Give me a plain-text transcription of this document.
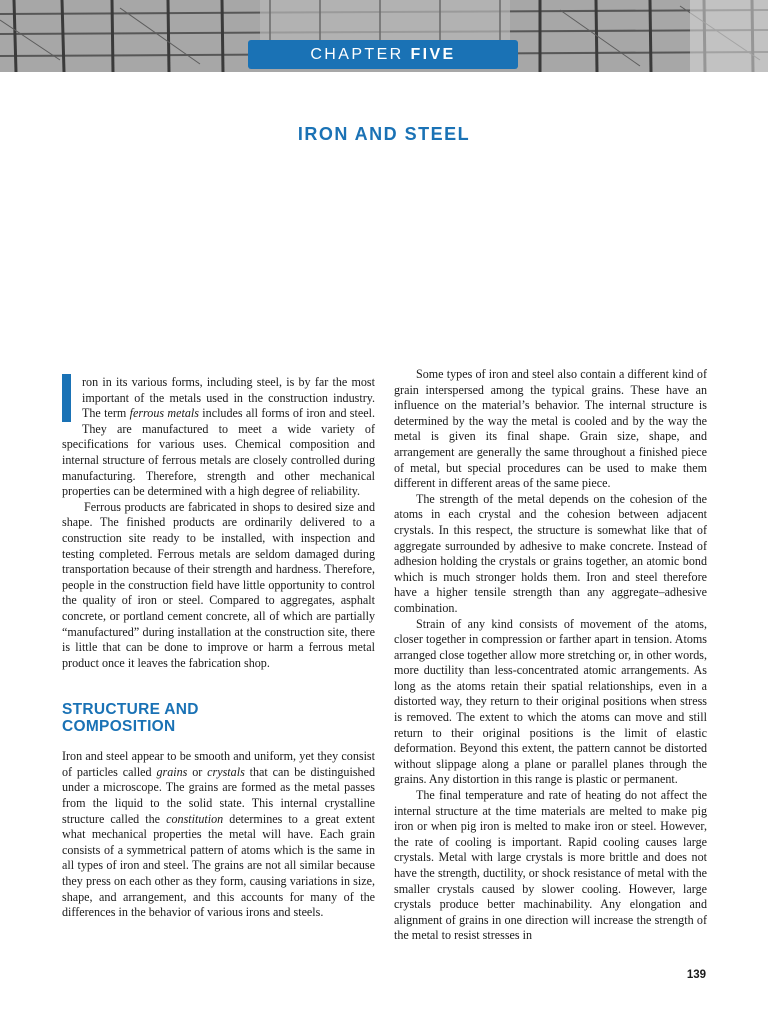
CHAPTER FIVE
IRON AND STEEL

ron in its various forms, including steel, is by far the most important of the metals used in the construction industry. The term ferrous metals includes all forms of iron and steel. They are manufactured to meet a wide variety of specifications for various uses. Chemical composition and internal structure of ferrous metals are closely controlled during manufacturing. Therefore, strength and other mechanical properties can be determined with a high degree of reliability.

Ferrous products are fabricated in shops to desired size and shape. The finished products are ordinarily delivered to a construction site ready to be installed, with inspection and testing completed. Ferrous metals are seldom damaged during transportation because of their strength and hardness. Therefore, people in the construction field have little opportunity to control the quality of iron or steel. Compared to aggregates, asphalt concrete, or portland cement concrete, all of which are partially “manufactured” during installation at the construction site, there is little that can be done to improve or harm a ferrous metal product once it leaves the fabrication shop.

STRUCTURE AND
COMPOSITION

Iron and steel appear to be smooth and uniform, yet they consist of particles called grains or crystals that can be distinguished under a microscope. The grains are formed as the metal passes from the liquid to the solid state. This internal crystalline structure called the constitution determines to a great extent what mechanical properties the metal will have. Each grain consists of a symmetrical pattern of atoms which is the same in all types of iron and steel. The grains are not all similar because they press on each other as they form, causing variations in size, shape, and arrangement, and this accounts for many of the differences in the behavior of various irons and steels.

Some types of iron and steel also contain a different kind of grain interspersed among the typical grains. These have an influence on the material’s behavior. The internal structure is determined by the way the metal is cooled and by the way the metal is given its final shape. Grain size, shape, and arrangement are generally the same throughout a finished piece of metal, but special procedures can be used to make them different in different areas of the same piece.

The strength of the metal depends on the cohesion of the atoms in each crystal and the cohesion between adjacent crystals. In this respect, the structure is somewhat like that of aggregate surrounded by adhesive to make concrete. Instead of adhesion holding the crystals or grains together, an atomic bond which is much stronger holds them. Iron and steel therefore have a higher tensile strength than any aggregate–adhesive combination.

Strain of any kind consists of movement of the atoms, closer together in compression or farther apart in tension. Atoms arranged close together allow more stretching or, in other words, more ductility than less-concentrated atomic arrangements. As long as the atoms retain their spatial relationships, even in a distorted way, they return to their original positions when stress is removed. The extent to which the atoms can move and still return to their original positions is the limit of elastic deformation. Beyond this extent, the pattern cannot be distorted without slippage along a plane or parallel planes through the grains. Any distortion in this range is plastic or permanent.

The final temperature and rate of heating do not affect the internal structure at the time materials are melted to make pig iron or when pig iron is melted to make iron or steel. However, the rate of cooling is important. Rapid cooling causes large crystals. Metal with large crystals is more brittle and does not have the strength, ductility, or shock resistance of metal with the smaller crystals caused by slower cooling. However, large crystals produce better machinability. Any elongation and alignment of grains in one direction will increase the strength of the metal to resist stresses in

139
